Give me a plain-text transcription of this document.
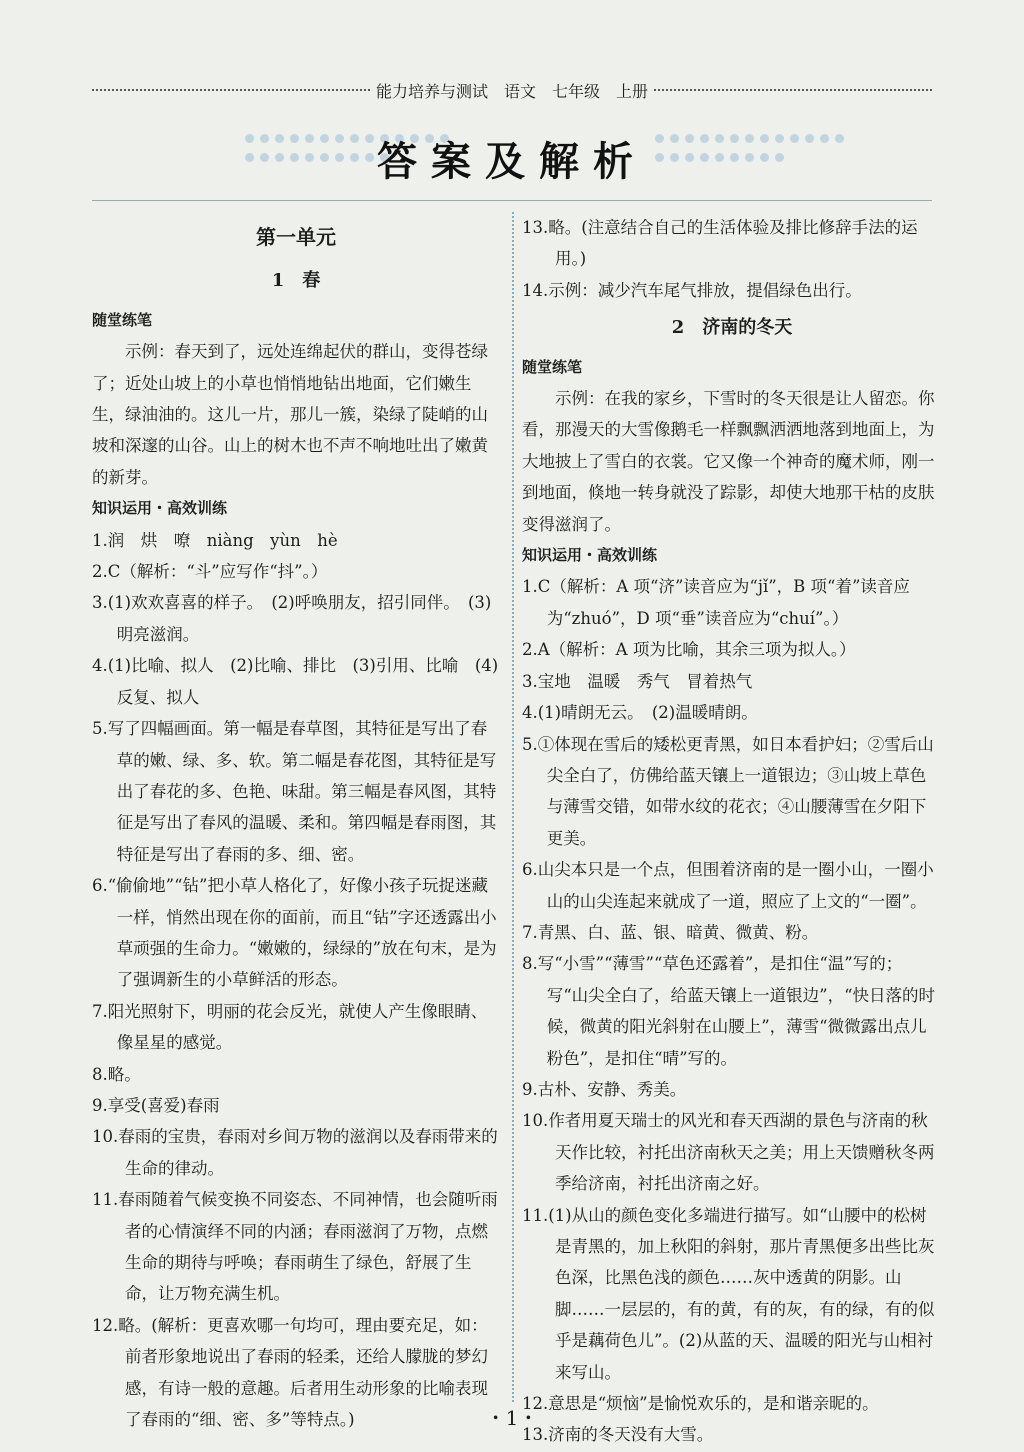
能力培养与测试　语文　七年级　上册
答案及解析
第一单元
1　春
随堂练笔
示例：春天到了，远处连绵起伏的群山，变得苍绿了；近处山坡上的小草也悄悄地钻出地面，它们嫩生生，绿油油的。这儿一片，那儿一簇，染绿了陡峭的山坡和深邃的山谷。山上的树木也不声不响地吐出了嫩黄的新芽。
知识运用・高效训练
1.润　烘　嘹　niàng　yùn　hè
2.C（解析：“斗”应写作“抖”。）
3.(1)欢欢喜喜的样子。　(2)呼唤朋友，招引同伴。　(3)明亮滋润。
4.(1)比喻、拟人　(2)比喻、排比　(3)引用、比喻　(4)反复、拟人
5.写了四幅画面。第一幅是春草图，其特征是写出了春草的嫩、绿、多、软。第二幅是春花图，其特征是写出了春花的多、色艳、味甜。第三幅是春风图，其特征是写出了春风的温暖、柔和。第四幅是春雨图，其特征是写出了春雨的多、细、密。
6.“偷偷地”“钻”把小草人格化了，好像小孩子玩捉迷藏一样，悄然出现在你的面前，而且“钻”字还透露出小草顽强的生命力。“嫩嫩的，绿绿的”放在句末，是为了强调新生的小草鲜活的形态。
7.阳光照射下，明丽的花会反光，就使人产生像眼睛、像星星的感觉。
8.略。
9.享受(喜爱)春雨
10.春雨的宝贵，春雨对乡间万物的滋润以及春雨带来的生命的律动。
11.春雨随着气候变换不同姿态、不同神情，也会随听雨者的心情演绎不同的内涵；春雨滋润了万物，点燃生命的期待与呼唤；春雨萌生了绿色，舒展了生命，让万物充满生机。
12.略。(解析：更喜欢哪一句均可，理由要充足，如：前者形象地说出了春雨的轻柔，还给人朦胧的梦幻感，有诗一般的意趣。后者用生动形象的比喻表现了春雨的“细、密、多”等特点。)
13.略。(注意结合自己的生活体验及排比修辞手法的运用。)
14.示例：减少汽车尾气排放，提倡绿色出行。
2　济南的冬天
随堂练笔
示例：在我的家乡，下雪时的冬天很是让人留恋。你看，那漫天的大雪像鹅毛一样飘飘洒洒地落到地面上，为大地披上了雪白的衣裳。它又像一个神奇的魔术师，刚一到地面，倏地一转身就没了踪影，却使大地那干枯的皮肤变得滋润了。
知识运用・高效训练
1.C（解析：A 项“济”读音应为“jǐ”，B 项“着”读音应为“zhuó”，D 项“垂”读音应为“chuí”。）
2.A（解析：A 项为比喻，其余三项为拟人。）
3.宝地　温暖　秀气　冒着热气
4.(1)晴朗无云。　(2)温暖晴朗。
5.①体现在雪后的矮松更青黑，如日本看护妇；②雪后山尖全白了，仿佛给蓝天镶上一道银边；③山坡上草色与薄雪交错，如带水纹的花衣；④山腰薄雪在夕阳下更美。
6.山尖本只是一个点，但围着济南的是一圈小山，一圈小山的山尖连起来就成了一道，照应了上文的“一圈”。
7.青黑、白、蓝、银、暗黄、微黄、粉。
8.写“小雪”“薄雪”“草色还露着”，是扣住“温”写的；写“山尖全白了，给蓝天镶上一道银边”，“快日落的时候，微黄的阳光斜射在山腰上”，薄雪“微微露出点儿粉色”，是扣住“晴”写的。
9.古朴、安静、秀美。
10.作者用夏天瑞士的风光和春天西湖的景色与济南的秋天作比较，衬托出济南秋天之美；用上天馈赠秋冬两季给济南，衬托出济南之好。
11.(1)从山的颜色变化多端进行描写。如“山腰中的松树是青黑的，加上秋阳的斜射，那片青黑便多出些比灰色深，比黑色浅的颜色……灰中透黄的阴影。山脚……一层层的，有的黄，有的灰，有的绿，有的似乎是藕荷色儿”。(2)从蓝的天、温暖的阳光与山相衬来写山。
12.意思是“烦恼”是愉悦欢乐的，是和谐亲昵的。
13.济南的冬天没有大雪。
・1・
